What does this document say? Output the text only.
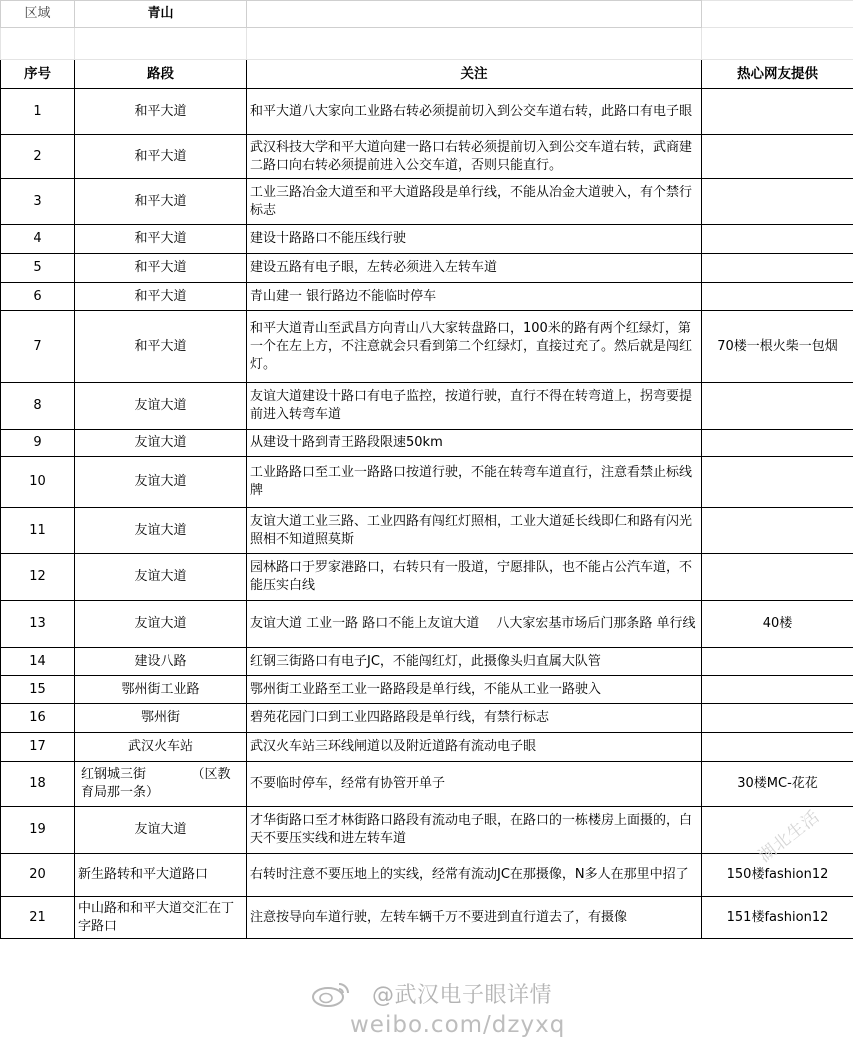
区域	青山		

序号	路段	关注	热心网友提供
1	和平大道	和平大道八大家向工业路右转必须提前切入到公交车道右转，此路口有电子眼	
2	和平大道	武汉科技大学和平大道向建一路口右转必须提前切入到公交车道右转，武商建二路口向右转必须提前进入公交车道，否则只能直行。	
3	和平大道	工业三路冶金大道至和平大道路段是单行线，不能从冶金大道驶入，有个禁行标志	
4	和平大道	建设十路路口不能压线行驶	
5	和平大道	建设五路有电子眼，左转必须进入左转车道	
6	和平大道	青山建一 银行路边不能临时停车	
7	和平大道	和平大道青山至武昌方向青山八大家转盘路口，100米的路有两个红绿灯，第一个在左上方，不注意就会只看到第二个红绿灯，直接过充了。然后就是闯红灯。	70楼一根火柴一包烟
8	友谊大道	友谊大道建设十路口有电子监控，按道行驶，直行不得在转弯道上，拐弯要提前进入转弯车道	
9	友谊大道	从建设十路到青王路段限速50km	
10	友谊大道	工业路路口至工业一路路口按道行驶，不能在转弯车道直行，注意看禁止标线牌	
11	友谊大道	友谊大道工业三路、工业四路有闯红灯照相，工业大道延长线即仁和路有闪光照相不知道照莫斯	
12	友谊大道	园林路口于罗家港路口，右转只有一股道，宁愿排队，也不能占公汽车道，不能压实白线	
13	友谊大道	友谊大道 工业一路 路口不能上友谊大道　 八大家宏基市场后门那条路 单行线	40楼
14	建设八路	红钢三街路口有电子JC，不能闯红灯，此摄像头归直属大队管	
15	鄂州街工业路	鄂州街工业路至工业一路路段是单行线，不能从工业一路驶入	
16	鄂州街	碧苑花园门口到工业四路路段是单行线，有禁行标志	
17	武汉火车站	武汉火车站三环线闸道以及附近道路有流动电子眼	
18	红钢城三街　　　　（区教育局那一条）	不要临时停车，经常有协管开单子	30楼MC-花花
19	友谊大道	才华街路口至才林街路口路段有流动电子眼，在路口的一栋楼房上面摄的，白天不要压实线和进左转车道	
20	新生路转和平大道路口	右转时注意不要压地上的实线，经常有流动JC在那摄像，N多人在那里中招了	150楼fashion12
21	中山路和和平大道交汇在丁字路口	注意按导向车道行驶，左转车辆千万不要进到直行道去了，有摄像	151楼fashion12
湖北生活
@武汉电子眼详情
weibo.com/dzyxq
